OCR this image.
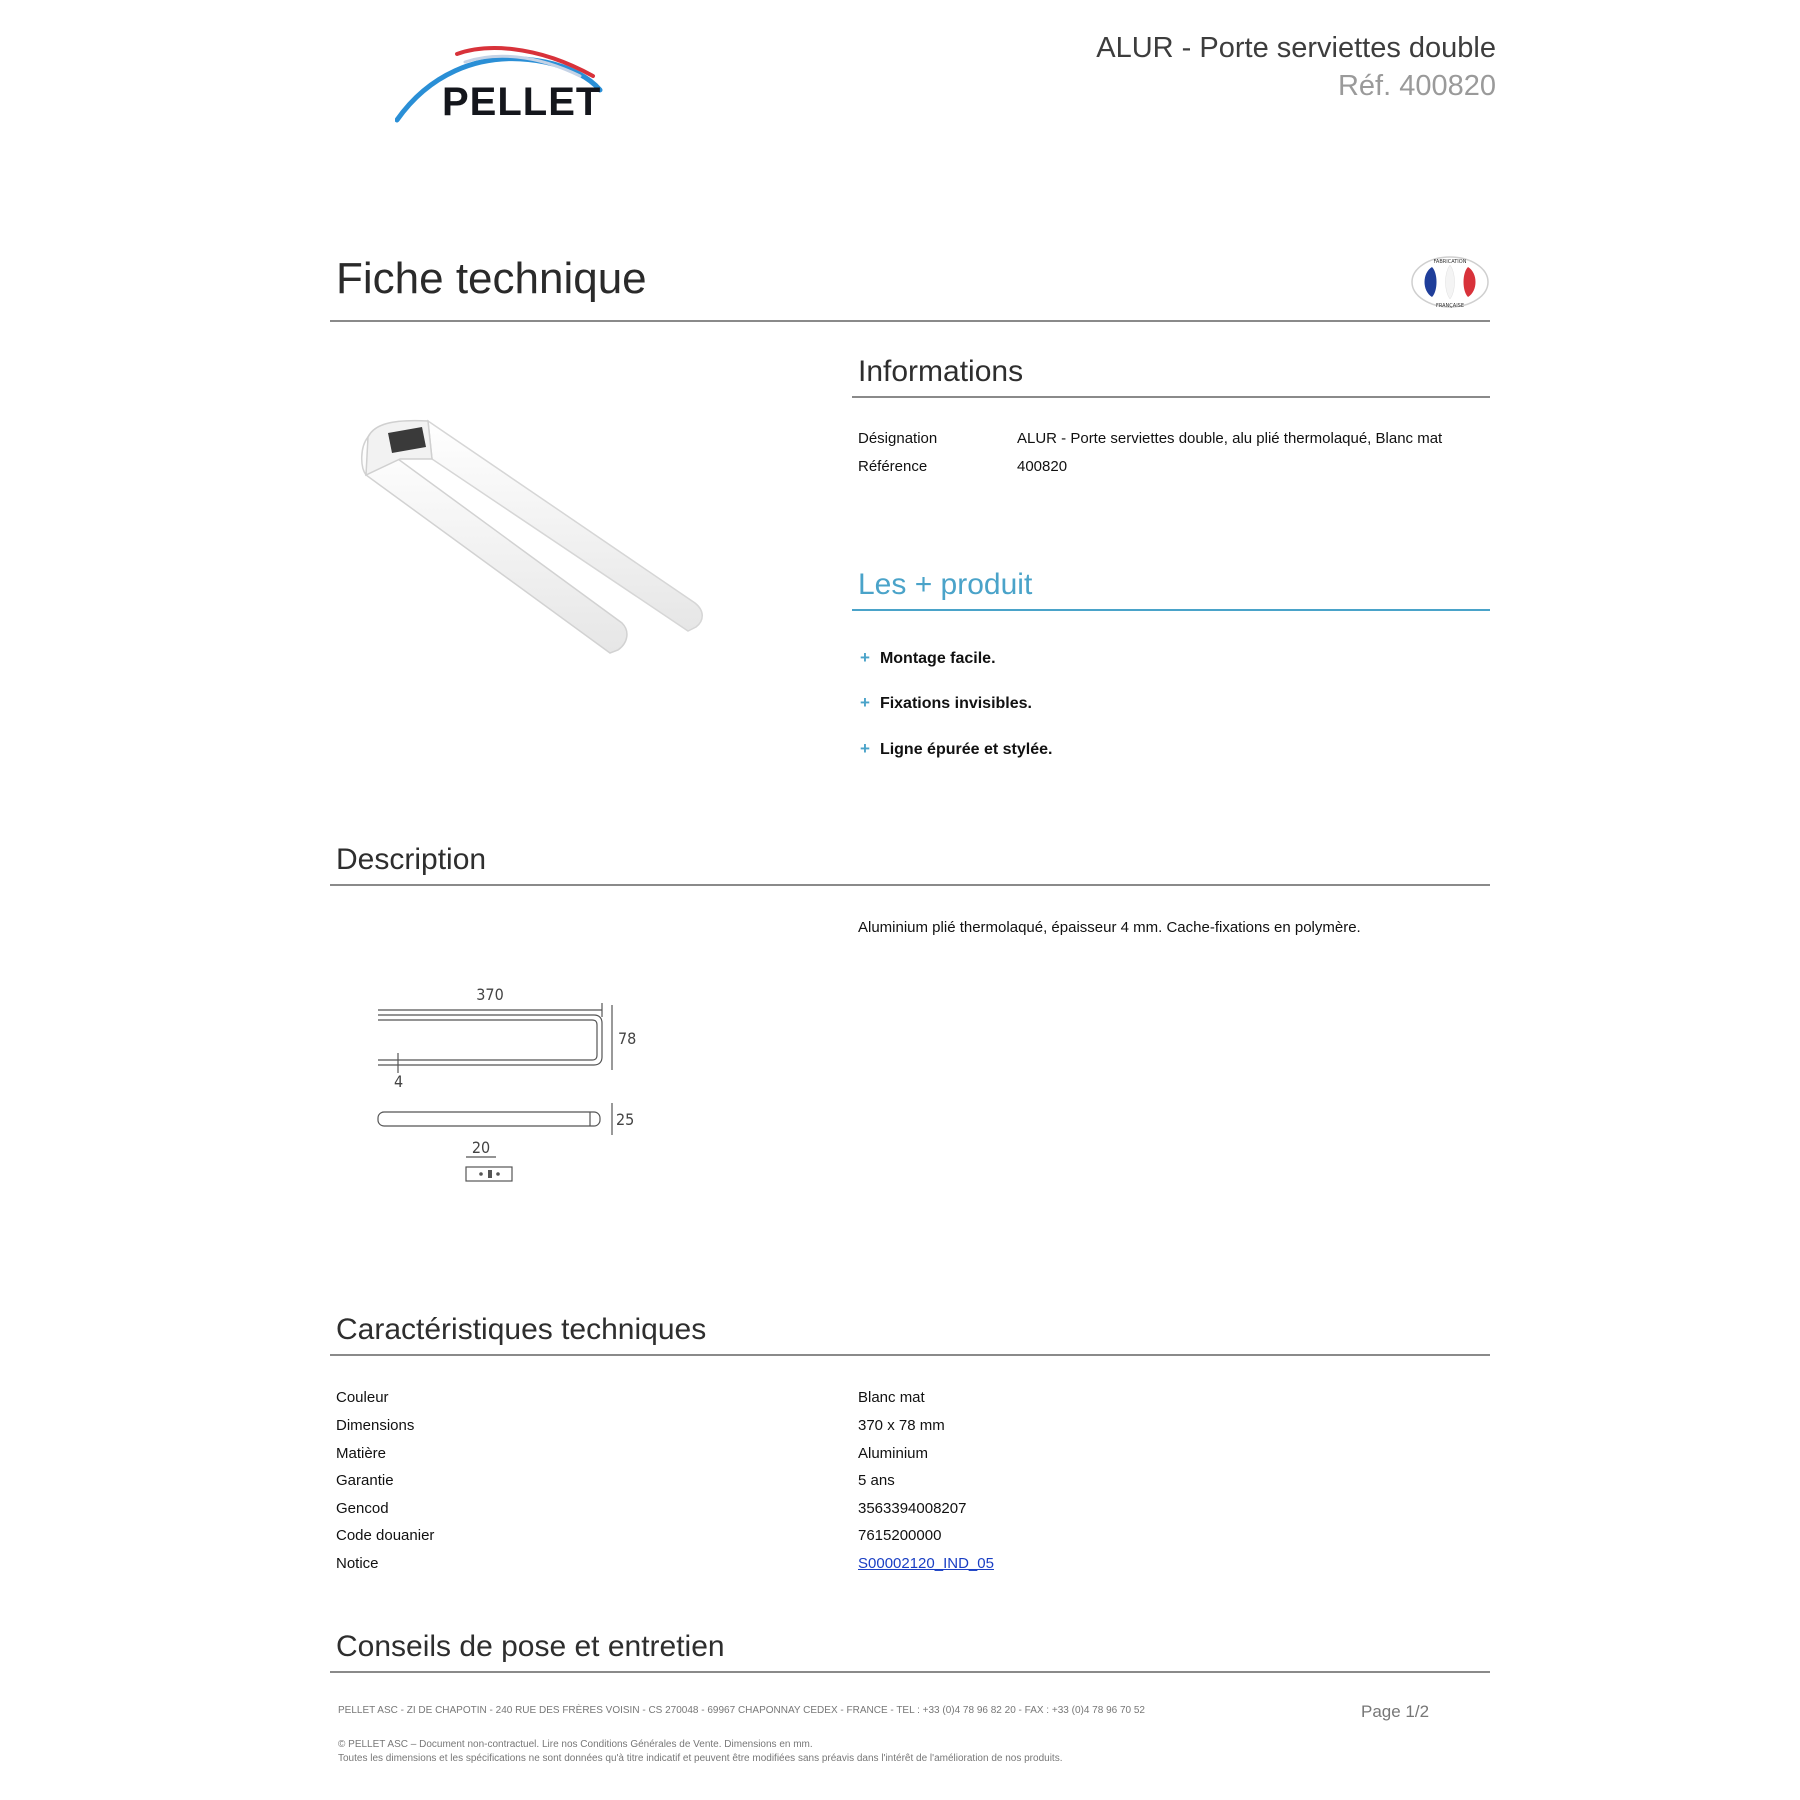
PELLET
ALUR - Porte serviettes double
Réf. 400820
Fiche technique	FABRICATION
FRANÇAISE
Informations
Désignation	ALUR - Porte serviettes double, alu plié thermolaqué, Blanc mat
Référence	400820
Les + produit
+ Montage facile.
+ Fixations invisibles.
+ Ligne épurée et stylée.
Description
Aluminium plié thermolaqué, épaisseur 4 mm. Cache-fixations en polymère.
370
78
4
25
20
Caractéristiques techniques
Couleur	Blanc mat
Dimensions	370 x 78 mm
Matière	Aluminium
Garantie	5 ans
Gencod	3563394008207
Code douanier	7615200000
Notice	S00002120_IND_05
Conseils de pose et entretien
PELLET ASC - ZI DE CHAPOTIN - 240 RUE DES FRÈRES VOISIN - CS 270048 - 69967 CHAPONNAY CEDEX - FRANCE - TEL : +33 (0)4 78 96 82 20 - FAX : +33 (0)4 78 96 70 52	Page 1/2
© PELLET ASC – Document non-contractuel. Lire nos Conditions Générales de Vente. Dimensions en mm.
Toutes les dimensions et les spécifications ne sont données qu'à titre indicatif et peuvent être modifiées sans préavis dans l'intérêt de l'amélioration de nos produits.
